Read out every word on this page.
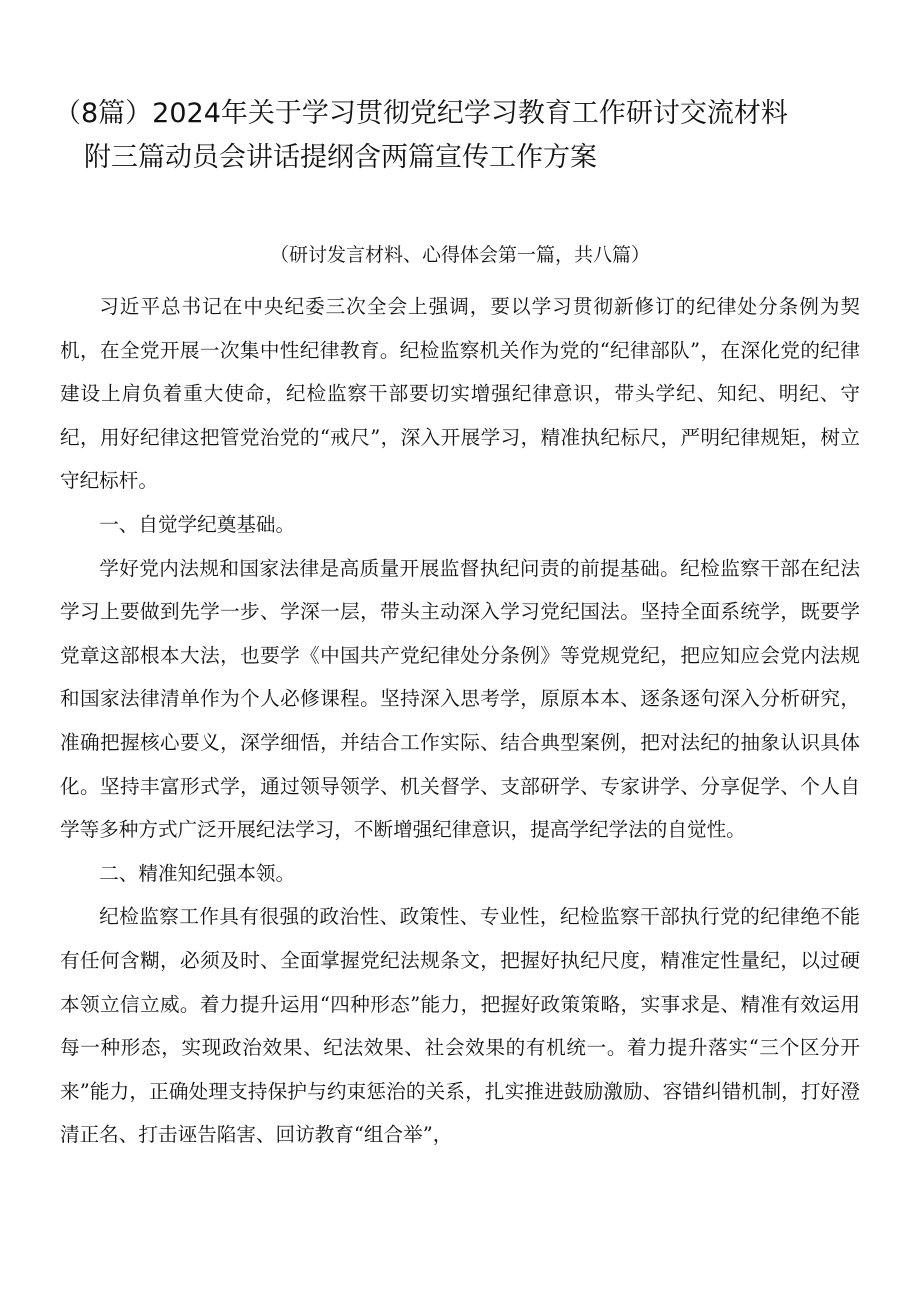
（8篇）2024年关于学习贯彻党纪学习教育工作研讨交流材料
附三篇动员会讲话提纲含两篇宣传工作方案

（研讨发言材料、心得体会第一篇，共八篇）

习近平总书记在中央纪委三次全会上强调，要以学习贯彻新修订的纪律处分条例为契机，在全党开展一次集中性纪律教育。纪检监察机关作为党的“纪律部队”，在深化党的纪律建设上肩负着重大使命，纪检监察干部要切实增强纪律意识，带头学纪、知纪、明纪、守纪，用好纪律这把管党治党的“戒尺”，深入开展学习，精准执纪标尺，严明纪律规矩，树立守纪标杆。

一、自觉学纪奠基础。

学好党内法规和国家法律是高质量开展监督执纪问责的前提基础。纪检监察干部在纪法学习上要做到先学一步、学深一层，带头主动深入学习党纪国法。坚持全面系统学，既要学党章这部根本大法，也要学《中国共产党纪律处分条例》等党规党纪，把应知应会党内法规和国家法律清单作为个人必修课程。坚持深入思考学，原原本本、逐条逐句深入分析研究，准确把握核心要义，深学细悟，并结合工作实际、结合典型案例，把对法纪的抽象认识具体化。坚持丰富形式学，通过领导领学、机关督学、支部研学、专家讲学、分享促学、个人自学等多种方式广泛开展纪法学习，不断增强纪律意识，提高学纪学法的自觉性。

二、精准知纪强本领。

纪检监察工作具有很强的政治性、政策性、专业性，纪检监察干部执行党的纪律绝不能有任何含糊，必须及时、全面掌握党纪法规条文，把握好执纪尺度，精准定性量纪，以过硬本领立信立威。着力提升运用“四种形态”能力，把握好政策策略，实事求是、精准有效运用每一种形态，实现政治效果、纪法效果、社会效果的有机统一。着力提升落实“三个区分开来”能力，正确处理支持保护与约束惩治的关系，扎实推进鼓励激励、容错纠错机制，打好澄清正名、打击诬告陷害、回访教育“组合举”，
